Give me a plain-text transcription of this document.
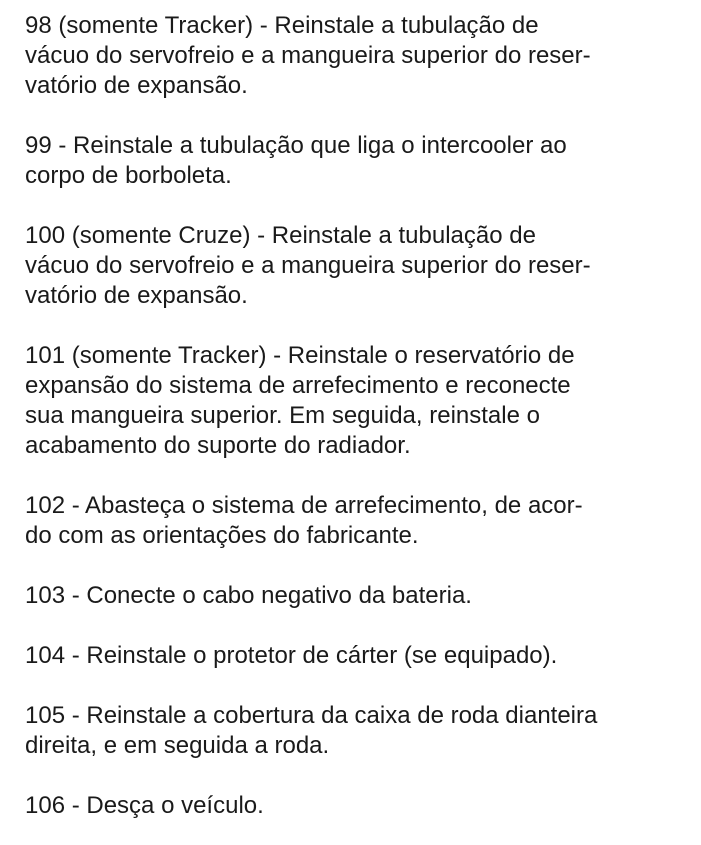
98 (somente Tracker) - Reinstale a tubulação de
vácuo do servofreio e a mangueira superior do reser-
vatório de expansão.

99 - Reinstale a tubulação que liga o intercooler ao
corpo de borboleta.

100 (somente Cruze) - Reinstale a tubulação de
vácuo do servofreio e a mangueira superior do reser-
vatório de expansão.

101 (somente Tracker) - Reinstale o reservatório de
expansão do sistema de arrefecimento e reconecte
sua mangueira superior. Em seguida, reinstale o
acabamento do suporte do radiador.

102 - Abasteça o sistema de arrefecimento, de acor-
do com as orientações do fabricante.

103 - Conecte o cabo negativo da bateria.

104 - Reinstale o protetor de cárter (se equipado).

105 - Reinstale a cobertura da caixa de roda dianteira
direita, e em seguida a roda.

106 - Desça o veículo.
